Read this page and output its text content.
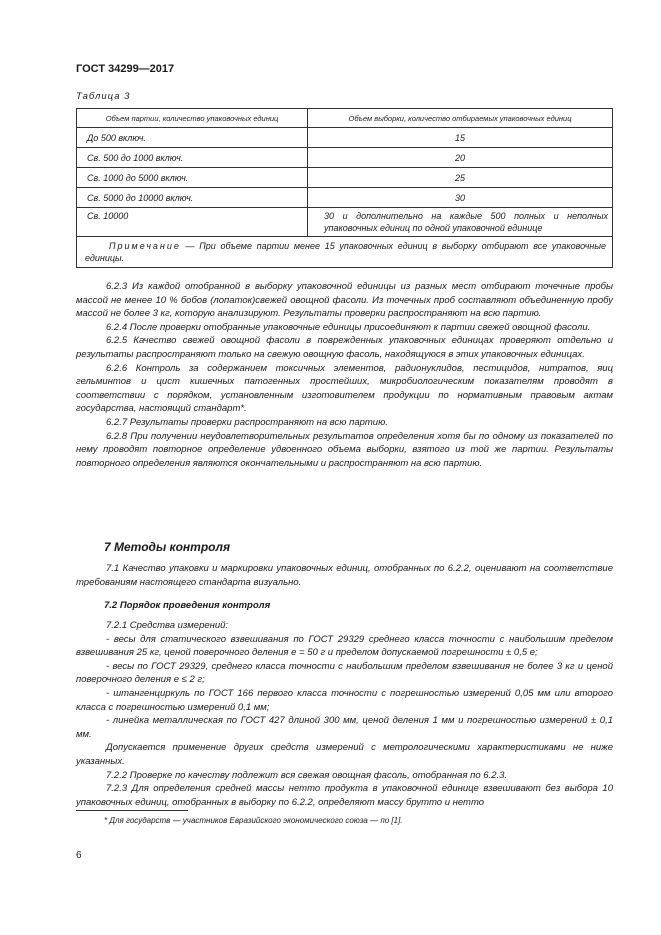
ГОСТ 34299—2017
Таблица 3
Объем партии, количество упаковочных единиц	Объем выборки, количество отбираемых упаковочных единиц
До 500 включ.	15
Св. 500 до 1000 включ.	20
Св. 1000 до 5000 включ.	25
Св. 5000 до 10000 включ.	30
Св. 10000	30 и дополнительно на каждые 500 полных и неполных упаковочных единиц по одной упаковочной единице
Примечание — При объеме партии менее 15 упаковочных единиц в выборку отбирают все упаковочные единицы.	

6.2.3 Из каждой отобранной в выборку упаковочной единицы из разных мест отбирают точечные пробы массой не менее 10 % бобов (лопаток)свежей овощной фасоли. Из точечных проб составляют объединенную пробу массой не более 3 кг, которую анализируют. Результаты проверки распространяют на всю партию.

6.2.4 После проверки отобранные упаковочные единицы присоединяют к партии свежей овощной фасоли.

6.2.5 Качество свежей овощной фасоли в поврежденных упаковочных единицах проверяют отдельно и результаты распространяют только на свежую овощную фасоль, находящуюся в этих упаковочных единицах.

6.2.6 Контроль за содержанием токсичных элементов, радионуклидов, пестицидов, нитратов, яиц гельминтов и цист кишечных патогенных простейших, микробиологическим показателям проводят в соответствии с порядком, установленным изготовителем продукции по нормативным правовым актам государства, настоящий стандарт*.

6.2.7 Результаты проверки распространяют на всю партию.

6.2.8 При получении неудовлетворительных результатов определения хотя бы по одному из показателей по нему проводят повторное определение удвоенного объема выборки, взятого из той же партии. Результаты повторного определения являются окончательными и распространяют на всю партию.

7 Методы контроля

7.1 Качество упаковки и маркировки упаковочных единиц, отобранных по 6.2.2, оценивают на соответствие требованиям настоящего стандарта визуально.

7.2 Порядок проведения контроля

7.2.1 Средства измерений:

- весы для статического взвешивания по ГОСТ 29329 среднего класса точности с наибольшим пределом взвешивания 25 кг, ценой поверочного деления е = 50 г и пределом допускаемой погрешности ± 0,5 е;

- весы по ГОСТ 29329, среднего класса точности с наибольшим пределом взвешивания не более 3 кг и ценой поверочного деления е ≤ 2 г;

- штангенциркуль по ГОСТ 166 первого класса точности с погрешностью измерений 0,05 мм или второго класса с погрешностью измерений 0,1 мм;

- линейка металлическая по ГОСТ 427 длиной 300 мм, ценой деления 1 мм и погрешностью измерений ± 0,1 мм.

Допускается применение других средств измерений с метрологическими характеристиками не ниже указанных.

7.2.2 Проверке по качеству подлежит вся свежая овощная фасоль, отобранная по 6.2.3.

7.2.3 Для определения средней массы нетто продукта в упаковочной единице взвешивают без выбора 10 упаковочных единиц, отобранных в выборку по 6.2.2, определяют массу брутто и нетто

* Для государств — участников Евразийского экономического союза — по [1].
6
